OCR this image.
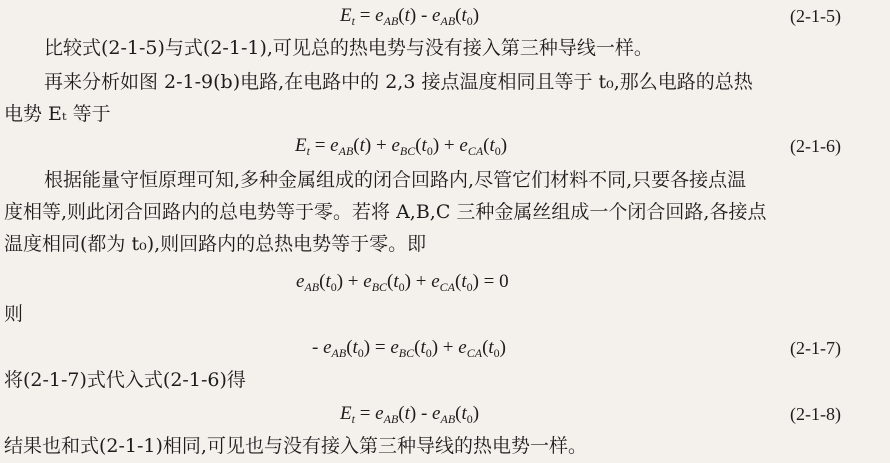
$E_t = e_{AB}(t) - e_{AB}(t_0)$	(2-1-5)
比较式(2-1-5)与式(2-1-1),可见总的热电势与没有接入第三种导线一样。
再来分析如图 2-1-9(b)电路,在电路中的 2,3 接点温度相同且等于 t₀,那么电路的总热
电势 Eₜ 等于
$E_t = e_{AB}(t) + e_{BC}(t_0) + e_{CA}(t_0)$	(2-1-6)
根据能量守恒原理可知,多种金属组成的闭合回路内,尽管它们材料不同,只要各接点温
度相等,则此闭合回路内的总电势等于零。若将 A,B,C 三种金属丝组成一个闭合回路,各接点
温度相同(都为 t₀),则回路内的总热电势等于零。即
$e_{AB}(t_0) + e_{BC}(t_0) + e_{CA}(t_0) = 0$
则
- $e_{AB}(t_0) = e_{BC}(t_0) + e_{CA}(t_0)$	(2-1-7)
将(2-1-7)式代入式(2-1-6)得
$E_t = e_{AB}(t) - e_{AB}(t_0)$	(2-1-8)
结果也和式(2-1-1)相同,可见也与没有接入第三种导线的热电势一样。
